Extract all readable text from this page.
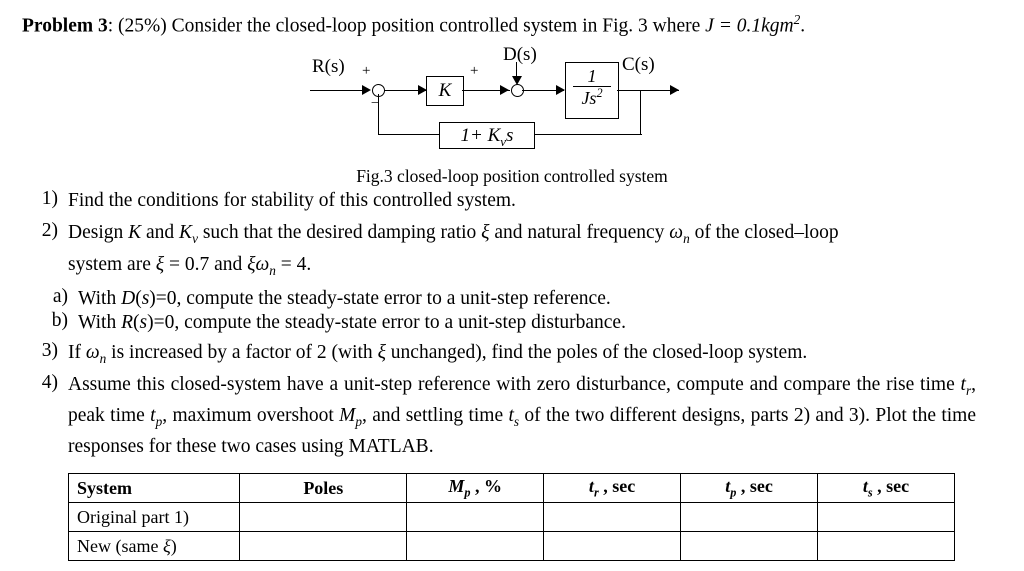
Problem 3: (25%) Consider the closed-loop position controlled system in Fig. 3 where J = 0.1kgm$^2$.
R(s) +
−
K
+
D(s)
$\frac{1}{Js^2}$
C(s)
$1+ K_vs$
Fig.3 closed-loop position controlled system
1) Find the conditions for stability of this controlled system.
2) Design K and $K_v$ such that the desired damping ratio ξ and natural frequency $\omega_n$ of the closed–loop
system are ξ = 0.7 and $\xi\omega_n = 4$.
a) With D(s)=0, compute the steady-state error to a unit-step reference.
b) With R(s)=0, compute the steady-state error to a unit-step disturbance.
3) If $\omega_n$ is increased by a factor of 2 (with ξ unchanged), find the poles of the closed-loop system.
4) Assume this closed-system have a unit-step reference with zero disturbance, compute and compare the rise time $t_r$, peak time $t_p$, maximum overshoot $M_p$, and settling time $t_s$ of the two different designs, parts 2) and 3). Plot the time responses for these two cases using MATLAB.
System	Poles	$M_p$ , %	$t_r$ , sec	$t_p$ , sec	$t_s$ , sec
Original part 1)					
New (same ξ)					
